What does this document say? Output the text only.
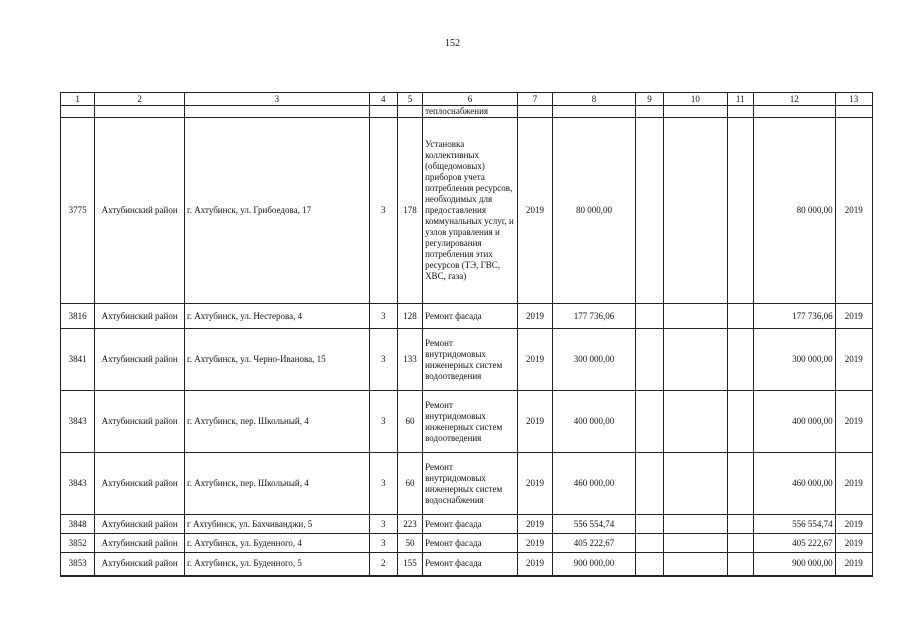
152
1	2	3	4	5	6	7	8	9	10	11	12	13
					теплоснабжения							
3775	Ахтубинский район	г. Ахтубинск, ул. Грибоедова, 17	3	178	Установка коллективных (общедомовых) приборов учета потребления ресурсов, необходимых для предоставления коммунальных услуг, и узлов управления и регулирования потребления этих ресурсов (ТЭ, ГВС, ХВС, газа)	2019	80 000,00				80 000,00	2019
3816	Ахтубинский район	г. Ахтубинск, ул. Нестерова, 4	3	128	Ремонт фасада	2019	177 736,06				177 736,06	2019
3841	Ахтубинский район	г. Ахтубинск, ул. Черно-Иванова, 15	3	133	Ремонт внутридомовых инженерных систем водоотведения	2019	300 000,00				300 000,00	2019
3843	Ахтубинский район	г. Ахтубинск, пер. Школьный, 4	3	60	Ремонт внутридомовых инженерных систем водоотведения	2019	400 000,00				400 000,00	2019
3843	Ахтубинский район	г. Ахтубинск, пер. Школьный, 4	3	60	Ремонт внутридомовых инженерных систем водоснабжения	2019	460 000,00				460 000,00	2019
3848	Ахтубинский район	г Ахтубинск, ул. Бахчиванджи, 5	3	223	Ремонт фасада	2019	556 554,74				556 554,74	2019
3852	Ахтубинский район	г. Ахтубинск, ул. Буденного, 4	3	50	Ремонт фасада	2019	405 222,67				405 222,67	2019
3853	Ахтубинский район	г. Ахтубинск, ул. Буденного, 5	2	155	Ремонт фасада	2019	900 000,00				900 000,00	2019
